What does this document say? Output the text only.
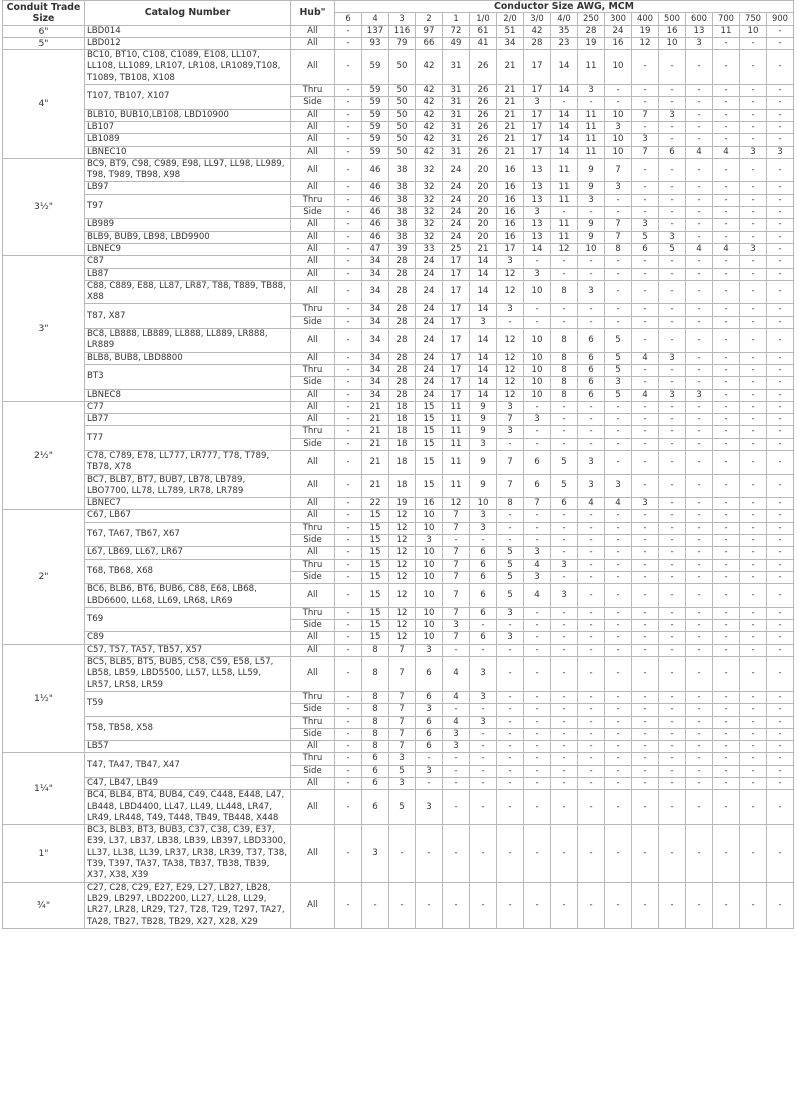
Conduit Trade Size	Catalog Number	Hub"	Conductor Size AWG, MCM																
			6	4	3	2	1	1/0	2/0	3/0	4/0	250	300	400	500	600	700	750	900
6"	LBD014	All	-	137	116	97	72	61	51	42	35	28	24	19	16	13	11	10	-
5"	LBD012	All	-	93	79	66	49	41	34	28	23	19	16	12	10	3	-	-	-
4"	BC10, BT10, C108, C1089, E108, LL107, LL108, LL1089, LR107, LR108, LR1089,T108, T1089, TB108, X108	All	-	59	50	42	31	26	21	17	14	11	10	-	-	-	-	-	-
	T107, TB107, X107	Thru	-	59	50	42	31	26	21	17	14	3	-	-	-	-	-	-	-
		Side	-	59	50	42	31	26	21	3	-	-	-	-	-	-	-	-	-
	BLB10, BUB10,LB108, LBD10900	All	-	59	50	42	31	26	21	17	14	11	10	7	3	-	-	-	-
	LB107	All	-	59	50	42	31	26	21	17	14	11	3	-	-	-	-	-	-
	LB1089	All	-	59	50	42	31	26	21	17	14	11	10	3	-	-	-	-	-
	LBNEC10	All	-	59	50	42	31	26	21	17	14	11	10	7	6	4	4	3	3
3½"	BC9, BT9, C98, C989, E98, LL97, LL98, LL989, T98, T989, TB98, X98	All	-	46	38	32	24	20	16	13	11	9	7	-	-	-	-	-	-
	LB97	All	-	46	38	32	24	20	16	13	11	9	3	-	-	-	-	-	-
	T97	Thru	-	46	38	32	24	20	16	13	11	3	-	-	-	-	-	-	-
		Side	-	46	38	32	24	20	16	3	-	-	-	-	-	-	-	-	-
	LB989	All	-	46	38	32	24	20	16	13	11	9	7	3	-	-	-	-	-
	BLB9, BUB9, LB98, LBD9900	All	-	46	38	32	24	20	16	13	11	9	7	5	3	-	-	-	-
	LBNEC9	All	-	47	39	33	25	21	17	14	12	10	8	6	5	4	4	3	-
3"	C87	All	-	34	28	24	17	14	3	-	-	-	-	-	-	-	-	-	-
	LB87	All	-	34	28	24	17	14	12	3	-	-	-	-	-	-	-	-	-
	C88, C889, E88, LL87, LR87, T88, T889, TB88, X88	All	-	34	28	24	17	14	12	10	8	3	-	-	-	-	-	-	-
	T87, X87	Thru	-	34	28	24	17	14	3	-	-	-	-	-	-	-	-	-	-
		Side	-	34	28	24	17	3	-	-	-	-	-	-	-	-	-	-	-
	BC8, LB888, LB889, LL888, LL889, LR888, LR889	All	-	34	28	24	17	14	12	10	8	6	5	-	-	-	-	-	-
	BLB8, BUB8, LBD8800	All	-	34	28	24	17	14	12	10	8	6	5	4	3	-	-	-	-
	BT3	Thru	-	34	28	24	17	14	12	10	8	6	5	-	-	-	-	-	-
		Side	-	34	28	24	17	14	12	10	8	6	3	-	-	-	-	-	-
	LBNEC8	All	-	34	28	24	17	14	12	10	8	6	5	4	3	3	-	-	-
2½"	C77	All	-	21	18	15	11	9	3	-	-	-	-	-	-	-	-	-	-
	LB77	All	-	21	18	15	11	9	7	3	-	-	-	-	-	-	-	-	-
	T77	Thru	-	21	18	15	11	9	3	-	-	-	-	-	-	-	-	-	-
		Side	-	21	18	15	11	3	-	-	-	-	-	-	-	-	-	-	-
	C78, C789, E78, LL777, LR777, T78, T789, TB78, X78	All	-	21	18	15	11	9	7	6	5	3	-	-	-	-	-	-	-
	BC7, BLB7, BT7, BUB7, LB78, LB789, LBO7700, LL78, LL789, LR78, LR789	All	-	21	18	15	11	9	7	6	5	3	3	-	-	-	-	-	-
	LBNEC7	All	-	22	19	16	12	10	8	7	6	4	4	3	-	-	-	-	-
2"	C67, LB67	All	-	15	12	10	7	3	-	-	-	-	-	-	-	-	-	-	-
	T67, TA67, TB67, X67	Thru	-	15	12	10	7	3	-	-	-	-	-	-	-	-	-	-	-
		Side	-	15	12	3	-	-	-	-	-	-	-	-	-	-	-	-	-
	L67, LB69, LL67, LR67	All	-	15	12	10	7	6	5	3	-	-	-	-	-	-	-	-	-
	T68, TB68, X68	Thru	-	15	12	10	7	6	5	4	3	-	-	-	-	-	-	-	-
		Side	-	15	12	10	7	6	5	3	-	-	-	-	-	-	-	-	-
	BC6, BLB6, BT6, BUB6, C88, E68, LB68, LBD6600, LL68, LL69, LR68, LR69	All	-	15	12	10	7	6	5	4	3	-	-	-	-	-	-	-	-
	T69	Thru	-	15	12	10	7	6	3	-	-	-	-	-	-	-	-	-	-
		Side	-	15	12	10	3	-	-	-	-	-	-	-	-	-	-	-	-
	C89	All	-	15	12	10	7	6	3	-	-	-	-	-	-	-	-	-	-
1½"	C57, T57, TA57, TB57, X57	All	-	8	7	3	-	-	-	-	-	-	-	-	-	-	-	-	-
	BC5, BLB5, BT5, BUB5, C58, C59, E58, L57, LB58, LB59, LBD5500, LL57, LL58, LL59, LR57, LR58, LR59	All	-	8	7	6	4	3	-	-	-	-	-	-	-	-	-	-	-
	T59	Thru	-	8	7	6	4	3	-	-	-	-	-	-	-	-	-	-	-
		Side	-	8	7	3	-	-	-	-	-	-	-	-	-	-	-	-	-
	T58, TB58, X58	Thru	-	8	7	6	4	3	-	-	-	-	-	-	-	-	-	-	-
		Side	-	8	7	6	3	-	-	-	-	-	-	-	-	-	-	-	-
	LB57	All	-	8	7	6	3	-	-	-	-	-	-	-	-	-	-	-	-
1¼"	T47, TA47, TB47, X47	Thru	-	6	3	-	-	-	-	-	-	-	-	-	-	-	-	-	-
		Side	-	6	5	3	-	-	-	-	-	-	-	-	-	-	-	-	-
	C47, LB47, LB49	All	-	6	3	-	-	-	-	-	-	-	-	-	-	-	-	-	-
	BC4, BLB4, BT4, BUB4, C49, C448, E448, L47, LB448, LBD4400, LL47, LL49, LL448, LR47, LR49, LR448, T49, T448, TB49, TB448, X448	All	-	6	5	3	-	-	-	-	-	-	-	-	-	-	-	-	-
1"	BC3, BLB3, BT3, BUB3, C37, C38, C39, E37, E39, L37, LB37, LB38, LB39, LB397, LBD3300, LL37, LL38, LL39, LR37, LR38, LR39, T37, T38, T39, T397, TA37, TA38, TB37, TB38, TB39, X37, X38, X39	All	-	3	-	-	-	-	-	-	-	-	-	-	-	-	-	-	-
¾"	C27, C28, C29, E27, E29, L27, LB27, LB28, LB29, LB297, LBD2200, LL27, LL28, LL29, LR27, LR28, LR29, T27, T28, T29, T297, TA27, TA28, TB27, TB28, TB29, X27, X28, X29	All	-	-	-	-	-	-	-	-	-	-	-	-	-	-	-	-	-
